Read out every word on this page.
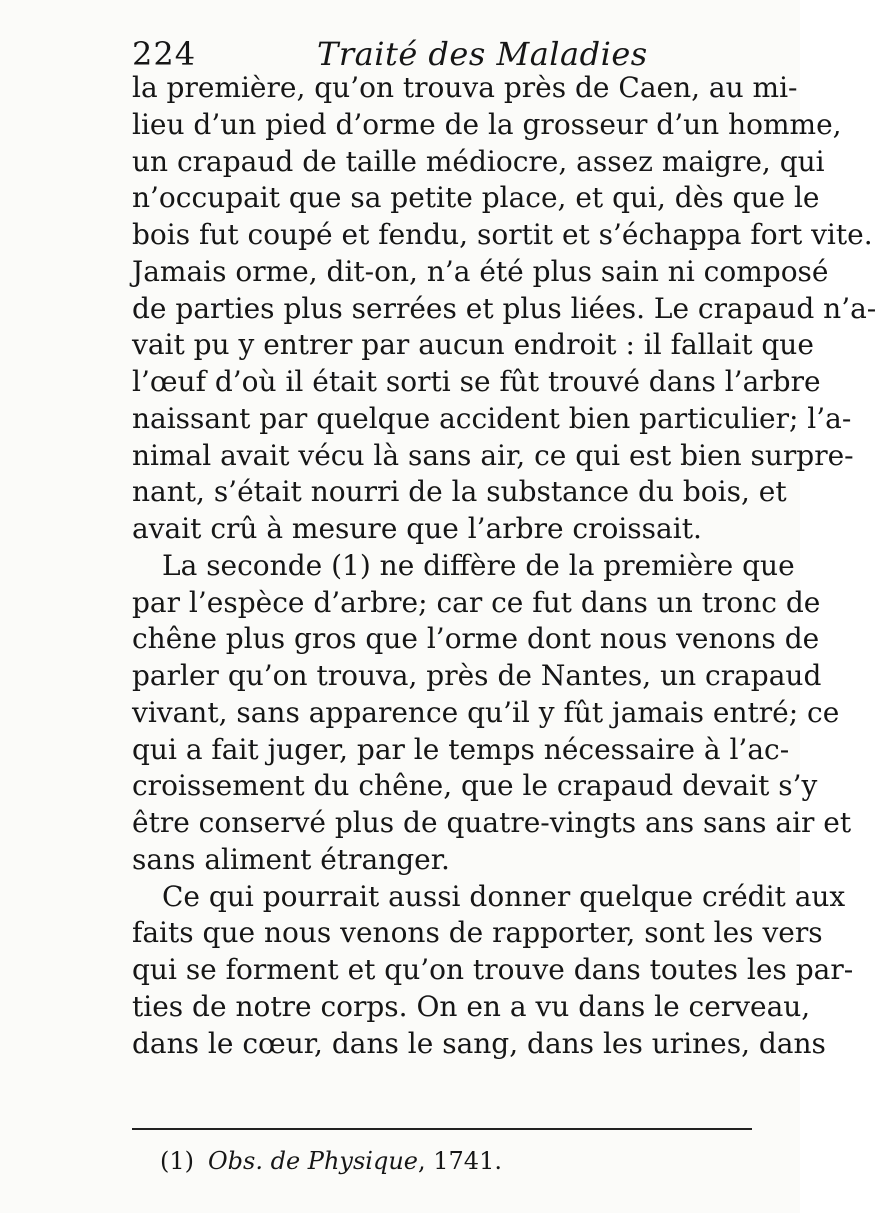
224	Traité des Maladies
la première, qu’on trouva près de Caen, au mi-
lieu d’un pied d’orme de la grosseur d’un homme,
un crapaud de taille médiocre, assez maigre, qui
n’occupait que sa petite place, et qui, dès que le
bois fut coupé et fendu, sortit et s’échappa fort vite.
Jamais orme, dit-on, n’a été plus sain ni composé
de parties plus serrées et plus liées. Le crapaud n’a-
vait pu y entrer par aucun endroit : il fallait que
l’œuf d’où il était sorti se fût trouvé dans l’arbre
naissant par quelque accident bien particulier; l’a-
nimal avait vécu là sans air, ce qui est bien surpre-
nant, s’était nourri de la substance du bois, et
avait crû à mesure que l’arbre croissait.
La seconde (1) ne diffère de la première que
par l’espèce d’arbre; car ce fut dans un tronc de
chêne plus gros que l’orme dont nous venons de
parler qu’on trouva, près de Nantes, un crapaud
vivant, sans apparence qu’il y fût jamais entré; ce
qui a fait juger, par le temps nécessaire à l’ac-
croissement du chêne, que le crapaud devait s’y
être conservé plus de quatre-vingts ans sans air et
sans aliment étranger.
Ce qui pourrait aussi donner quelque crédit aux
faits que nous venons de rapporter, sont les vers
qui se forment et qu’on trouve dans toutes les par-
ties de notre corps. On en a vu dans le cerveau,
dans le cœur, dans le sang, dans les urines, dans
(1) Obs. de Physique, 1741.
